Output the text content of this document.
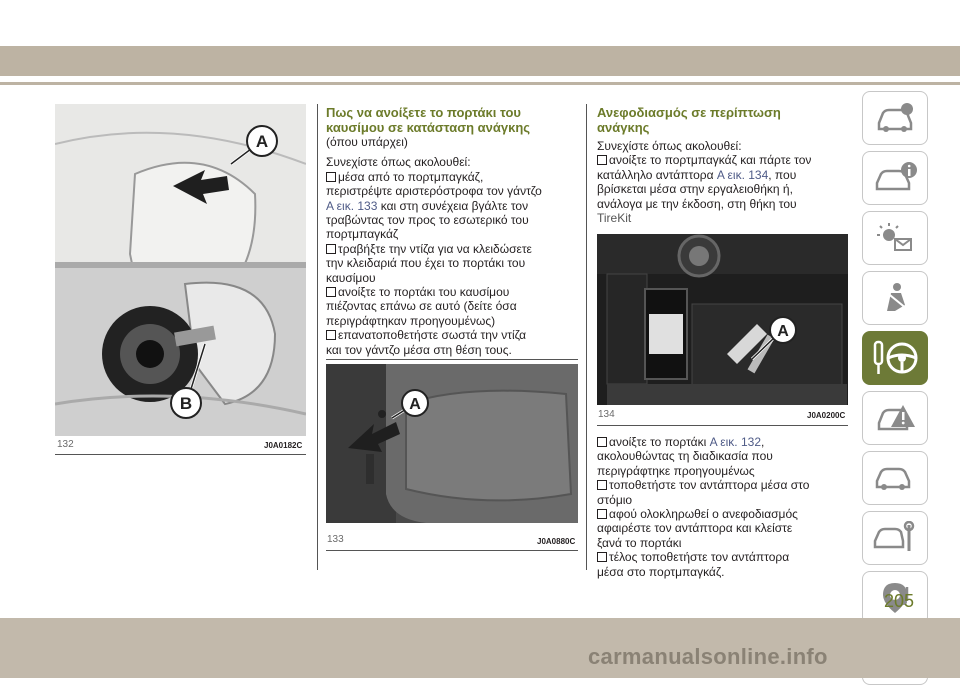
A
B
132	J0A0182C
Πως να ανοίξετε το πορτάκι του
καυσίμου σε κατάσταση ανάγκης
(όπου υπάρχει)
Συνεχίστε όπως ακολουθεί:
μέσα από το πορτμπαγκάζ,
περιστρέψτε αριστερόστροφα τον γάντζο
A εικ. 133 και στη συνέχεια βγάλτε τον
τραβώντας τον προς το εσωτερικό του
πορτμπαγκάζ
τραβήξτε την ντίζα για να κλειδώσετε
την κλειδαριά που έχει το πορτάκι του
καυσίμου
ανοίξτε το πορτάκι του καυσίμου
πιέζοντας επάνω σε αυτό (δείτε όσα
περιγράφτηκαν προηγουμένως)
επανατοποθετήστε σωστά την ντίζα
και τον γάντζο μέσα στη θέση τους.
A
133	J0A0880C
Ανεφοδιασμός σε περίπτωση
ανάγκης
Συνεχίστε όπως ακολουθεί:
ανοίξτε το πορτμπαγκάζ και πάρτε τον
κατάλληλο αντάπτορα A εικ. 134, που
βρίσκεται μέσα στην εργαλειοθήκη ή,
ανάλογα με την έκδοση, στη θήκη του
TireKit
A
134	J0A0200C
ανοίξτε το πορτάκι A εικ. 132,
ακολουθώντας τη διαδικασία που
περιγράφτηκε προηγουμένως
τοποθετήστε τον αντάπτορα μέσα στο
στόμιο
αφού ολοκληρωθεί ο ανεφοδιασμός
αφαιρέστε τον αντάπτορα και κλείστε
ξανά το πορτάκι
τέλος τοποθετήστε τον αντάπτορα
μέσα στο πορτμπαγκάζ.
205
carmanualsonline.info
